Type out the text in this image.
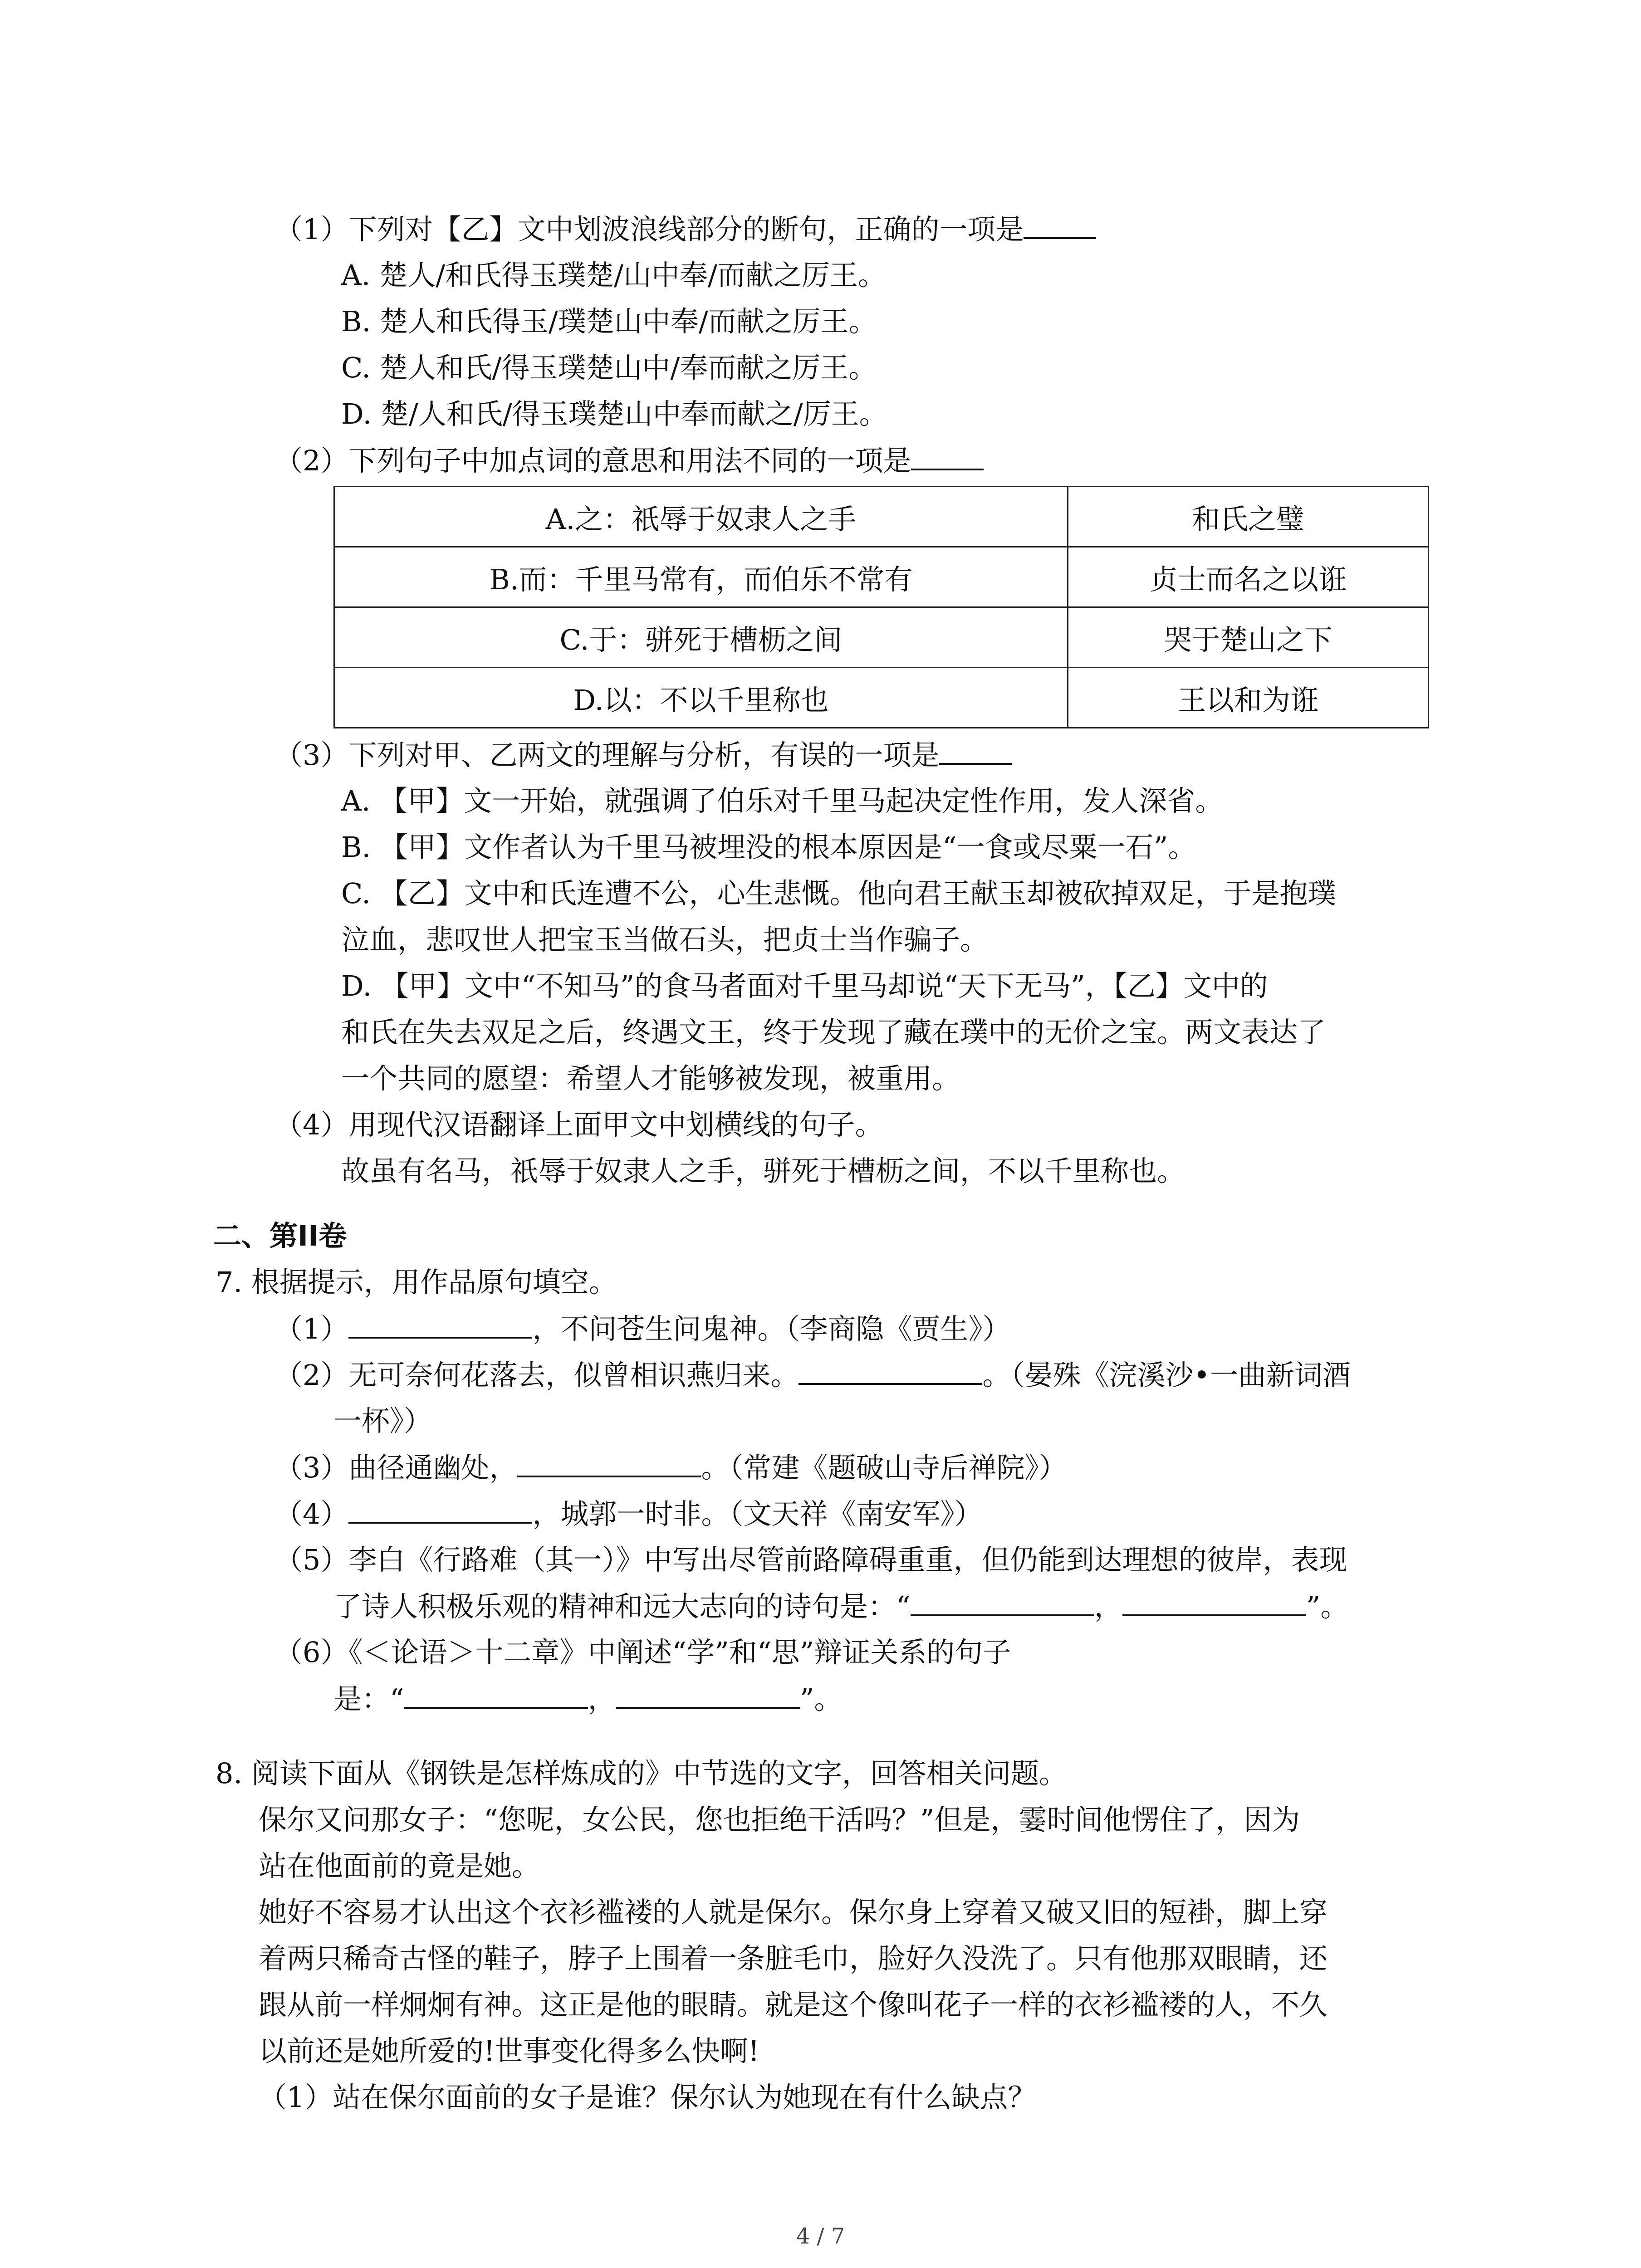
（1）下列对【乙】文中划波浪线部分的断句，正确的一项是
A. 楚人/和氏得玉璞楚/山中奉/而献之厉王。
B. 楚人和氏得玉/璞楚山中奉/而献之厉王。
C. 楚人和氏/得玉璞楚山中/奉而献之厉王。
D. 楚/人和氏/得玉璞楚山中奉而献之/厉王。
（2）下列句子中加点词的意思和用法不同的一项是
A.之：祇辱于奴隶人之手	和氏之璧
B.而：千里马常有，而伯乐不常有	贞士而名之以诳
C.于：骈死于槽枥之间	哭于楚山之下
D.以：不以千里称也	王以和为诳
（3）下列对甲、乙两文的理解与分析，有误的一项是
A. 【甲】文一开始，就强调了伯乐对千里马起决定性作用，发人深省。
B. 【甲】文作者认为千里马被埋没的根本原因是“一食或尽粟一石”。
C. 【乙】文中和氏连遭不公，心生悲慨。他向君王献玉却被砍掉双足，于是抱璞
泣血，悲叹世人把宝玉当做石头，把贞士当作骗子。
D. 【甲】文中“不知马”的食马者面对千里马却说“天下无马”，【乙】文中的
和氏在失去双足之后，终遇文王，终于发现了藏在璞中的无价之宝。两文表达了
一个共同的愿望：希望人才能够被发现，被重用。
（4）用现代汉语翻译上面甲文中划横线的句子。
故虽有名马，祇辱于奴隶人之手，骈死于槽枥之间，不以千里称也。
二、第II卷
7. 根据提示，用作品原句填空。
（1）	，不问苍生问鬼神。（李商隐《贾生》）
（2）无可奈何花落去，似曾相识燕归来。	。（晏殊《浣溪沙•一曲新词酒
一杯》）
（3）曲径通幽处，	。（常建《题破山寺后禅院》）
（4）	，城郭一时非。（文天祥《南安军》）
（5）李白《行路难（其一）》中写出尽管前路障碍重重，但仍能到达理想的彼岸，表现
了诗人积极乐观的精神和远大志向的诗句是：“	，	”。
（6）《＜论语＞十二章》中阐述“学”和“思”辩证关系的句子
是：“	，	”。
8. 阅读下面从《钢铁是怎样炼成的》中节选的文字，回答相关问题。
保尔又问那女子：“您呢，女公民，您也拒绝干活吗？”但是，霎时间他愣住了，因为
站在他面前的竟是她。
她好不容易才认出这个衣衫褴褛的人就是保尔。保尔身上穿着又破又旧的短褂，脚上穿
着两只稀奇古怪的鞋子，脖子上围着一条脏毛巾，脸好久没洗了。只有他那双眼睛，还
跟从前一样炯炯有神。这正是他的眼睛。就是这个像叫花子一样的衣衫褴褛的人，不久
以前还是她所爱的!世事变化得多么快啊!
（1）站在保尔面前的女子是谁？保尔认为她现在有什么缺点？
4 / 7
